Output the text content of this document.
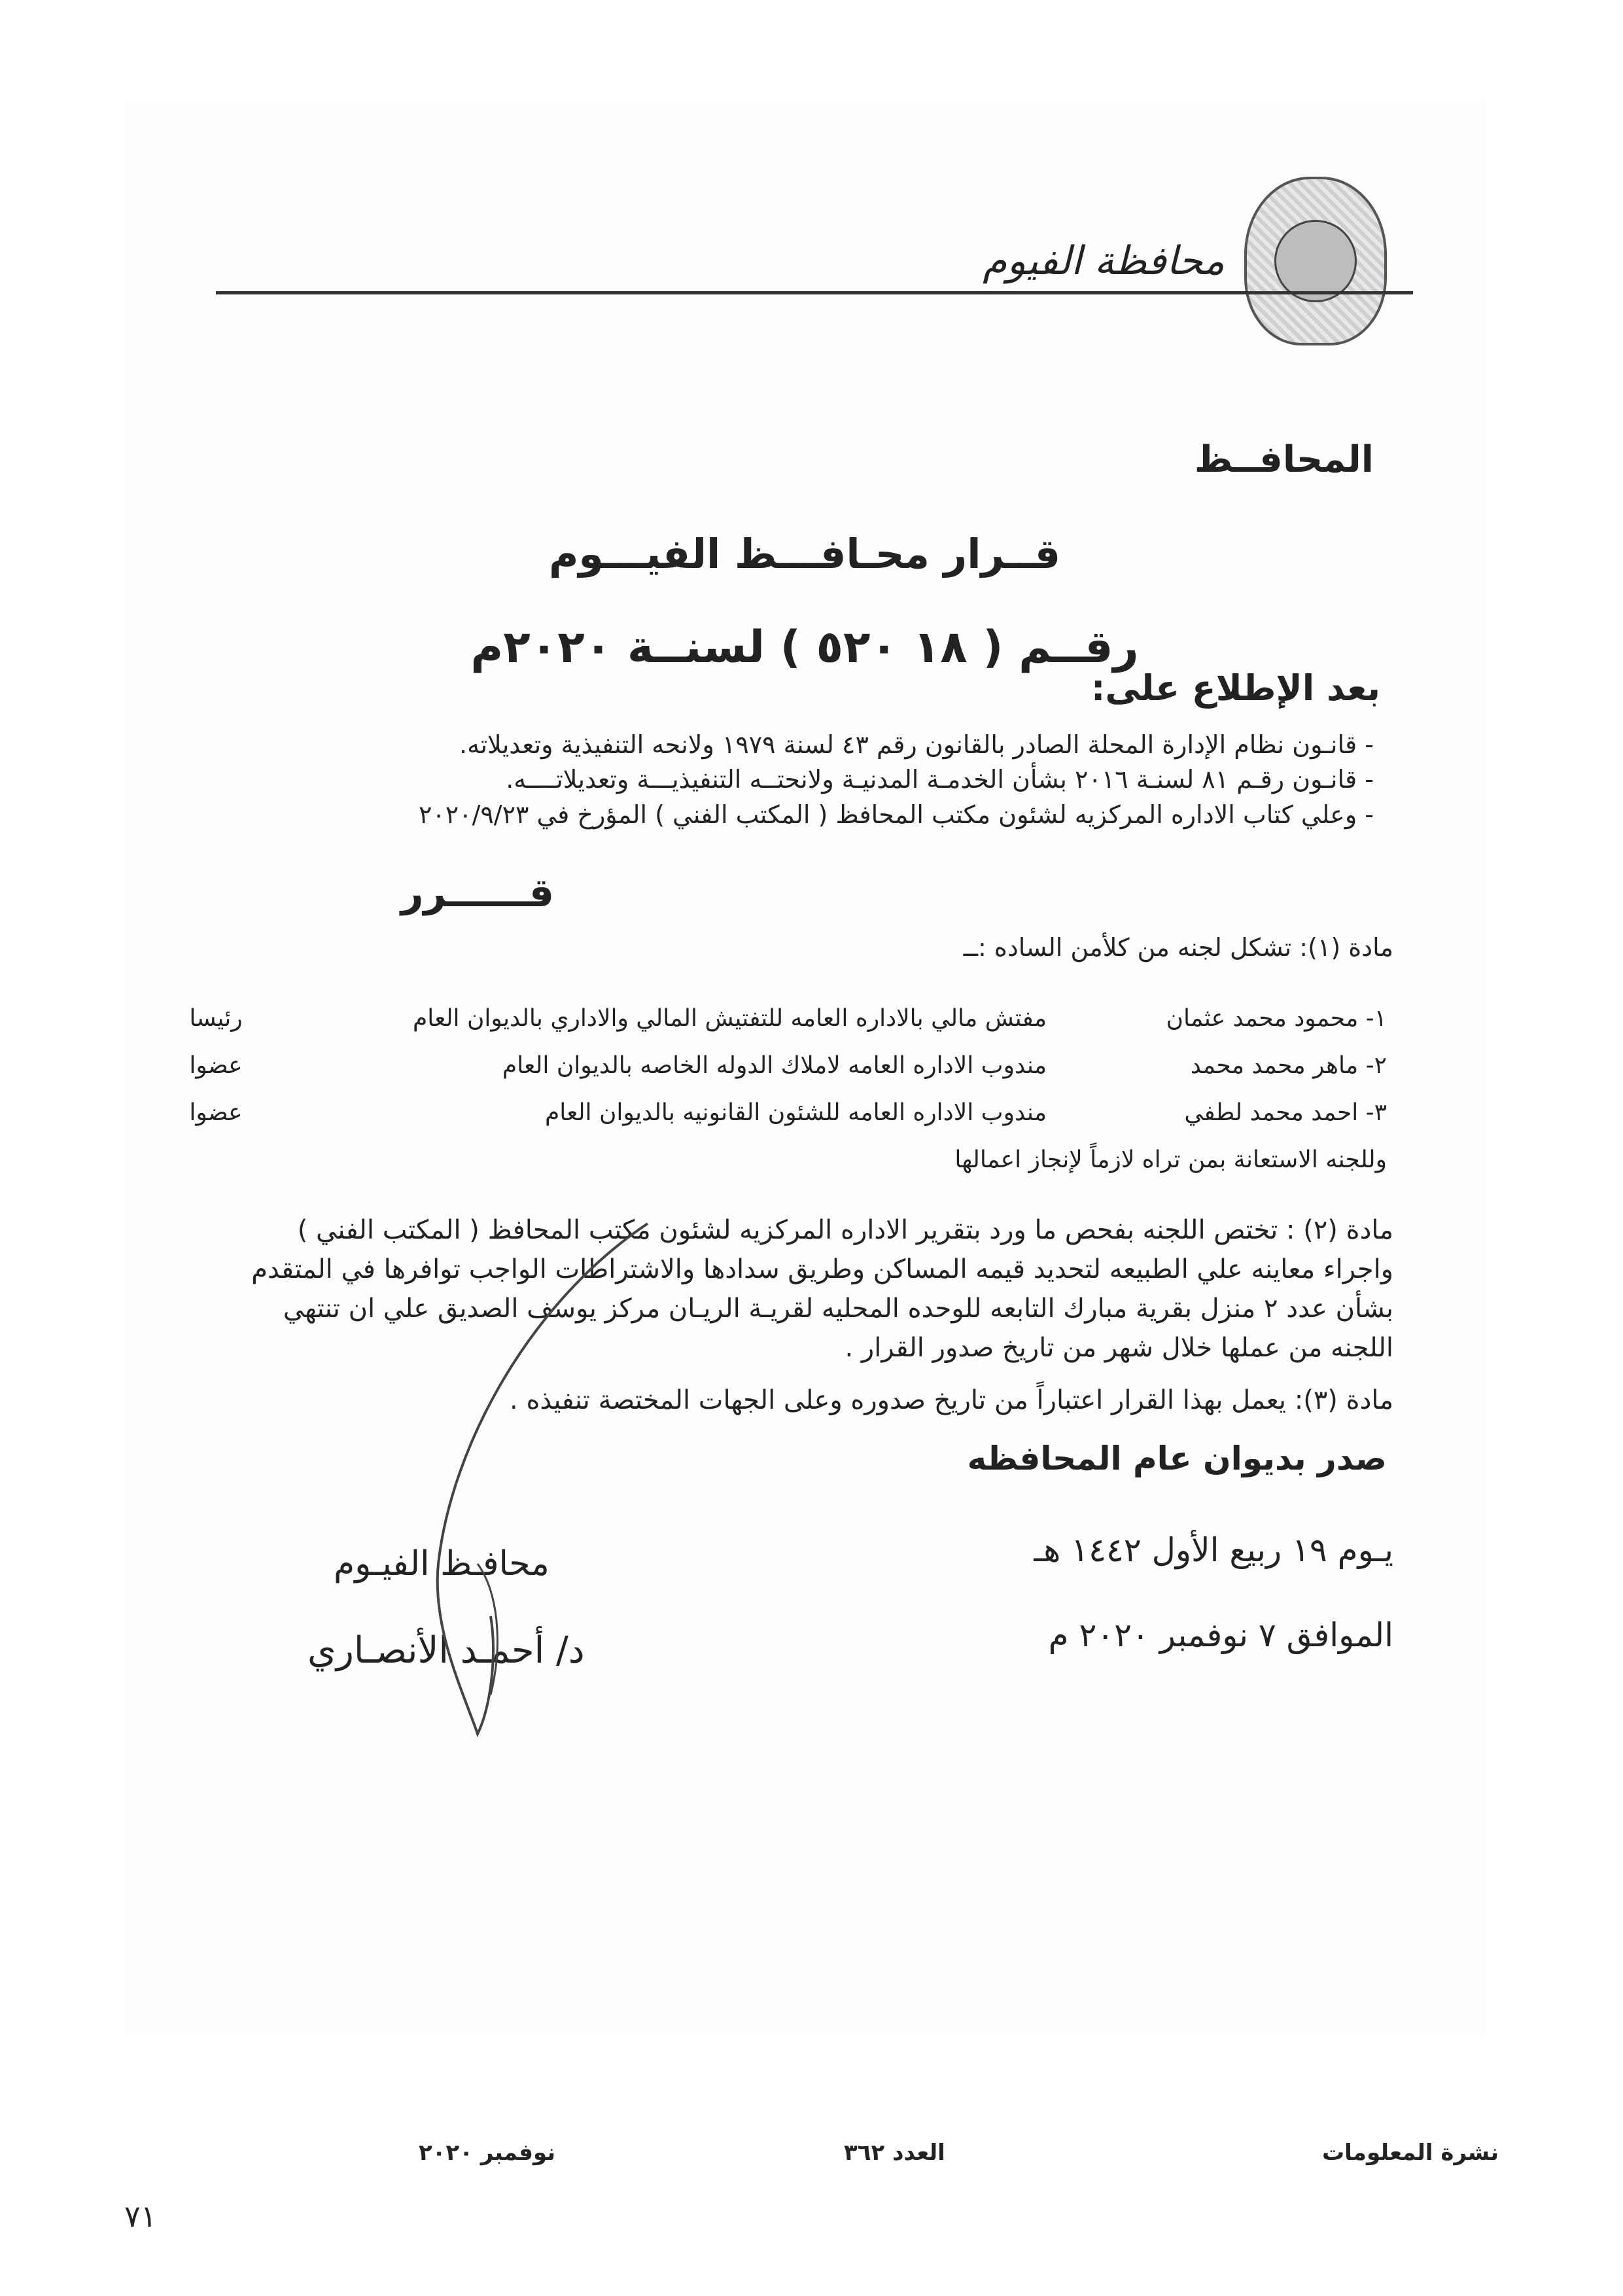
محافظة الفيوم
المحافــظ
قــرار محـافـــظ الفيـــوم
رقــم ( ١٨ ٥٢٠ ) لسنــة ٢٠٢٠م
بعد الإطلاع على:
- قانـون نظام الإدارة المحلة الصادر بالقانون رقم ٤٣ لسنة ١٩٧٩ ولانحه التنفيذية وتعديلاته.
- قانـون رقـم ٨١ لسنـة ٢٠١٦ بشأن الخدمـة المدنيـة ولانحتــه التنفيذيـــة وتعديلاتــــه.
- وعلي كتاب الاداره المركزيه لشئون مكتب المحافظ ( المكتب الفني ) المؤرخ في ٢٠٢٠/٩/٢٣
قــــــرر
مادة (١): تشكل لجنه من كلأمن الساده :ــ
١- محمود محمد عثمان
مفتش مالي بالاداره العامه للتفتيش المالي والاداري بالديوان العام
رئيسا
٢- ماهر محمد محمد
مندوب الاداره العامه لاملاك الدوله الخاصه بالديوان العام
عضوا
٣- احمد محمد لطفي
مندوب الاداره العامه للشئون القانونيه بالديوان العام
عضوا
وللجنه الاستعانة بمن تراه لازماً لإنجاز اعمالها
مادة (٢) : تختص اللجنه بفحص ما ورد بتقرير الاداره المركزيه لشئون مكتب المحافظ ( المكتب الفني )
واجراء معاينه علي الطبيعه لتحديد قيمه المساكن وطريق سدادها والاشتراطات الواجب توافرها في المتقدم
بشأن عدد ٢ منزل بقرية مبارك التابعه للوحده المحليه لقريـة الريـان مركز يوسف الصديق علي ان تنتهي
اللجنه من عملها خلال شهر من تاريخ صدور القرار .
مادة (٣): يعمل بهذا القرار اعتباراً من تاريخ صدوره وعلى الجهات المختصة تنفيذه .
صدر بديوان عام المحافظه
يـوم ١٩ ربيع الأول ١٤٤٢ هـ
الموافق ٧ نوفمبر ٢٠٢٠ م
محافـظ الفيـوم
د/ أحمـد الأنصـاري
نشرة المعلومات
العدد ٣٦٢
نوفمبر ٢٠٢٠
٧١
